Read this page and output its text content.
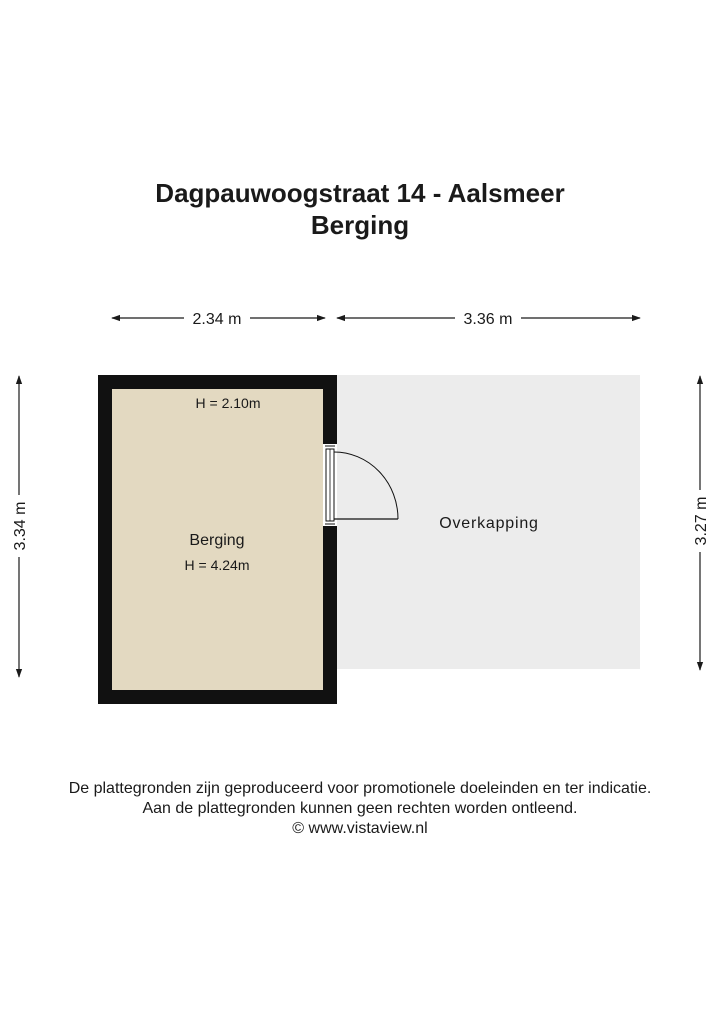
Dagpauwoogstraat 14 - Aalsmeer
Berging
2.34 m	3.36 m
3.34 m	3.27 m
H = 2.10m
Berging
H = 4.24m
Overkapping
De plattegronden zijn geproduceerd voor promotionele doeleinden en ter indicatie.
Aan de plattegronden kunnen geen rechten worden ontleend.
© www.vistaview.nl
